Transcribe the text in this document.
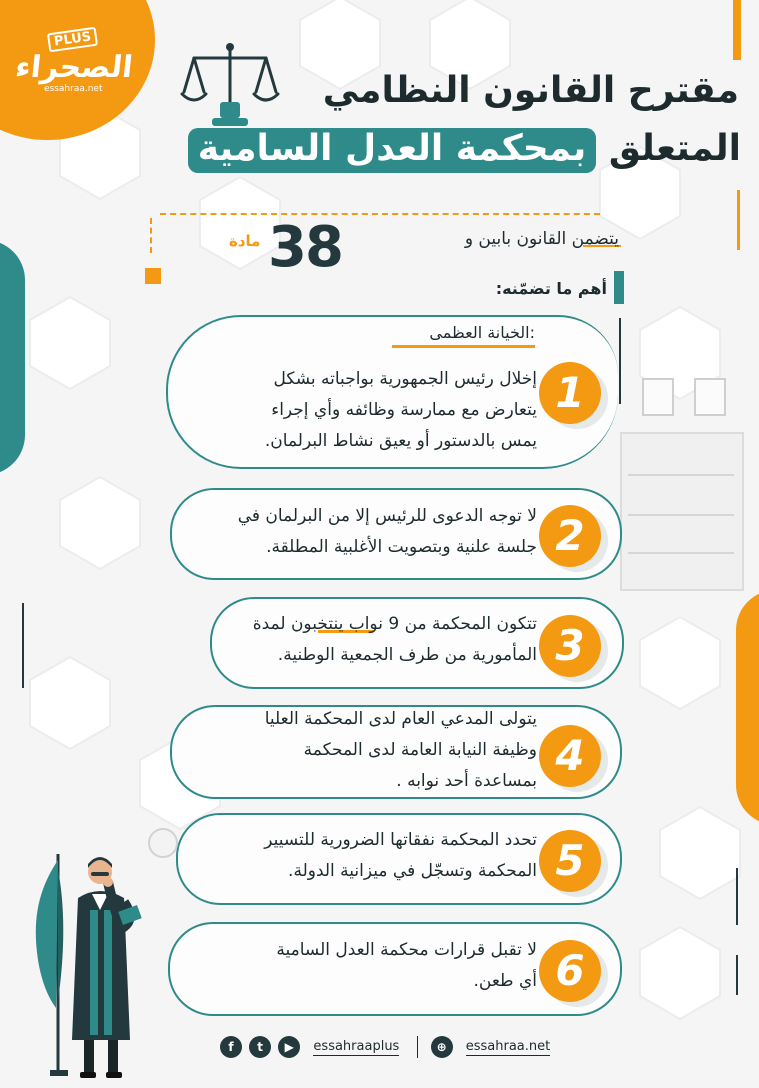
PLUS
الصحراء
essahraa.net	مقترح القانون النظامي
المتعلق بمحكمة العدل السامية
يتضمن القانون بابين و
38
مادة
أهم ما تضمّنه:
1
:الخيانة العظمى
إخلال رئيس الجمهورية بواجباته بشكل
يتعارض مع ممارسة وظائفه وأي إجراء
يمس بالدستور أو يعيق نشاط البرلمان.
2
لا توجه الدعوى للرئيس إلا من البرلمان في
جلسة علنية وبتصويت الأغلبية المطلقة.
3
تتكون المحكمة من 9 نواب ينتخبون لمدة
المأمورية من طرف الجمعية الوطنية.
4
يتولى المدعي العام لدى المحكمة العليا
وظيفة النيابة العامة لدى المحكمة
بمساعدة أحد نوابه .
5
تحدد المحكمة نفقاتها الضرورية للتسيير
المحكمة وتسجّل في ميزانية الدولة.
6
لا تقبل قرارات محكمة العدل السامية
أي طعن.
f t ▶ essahraaplus	⊕ essahraa.net
